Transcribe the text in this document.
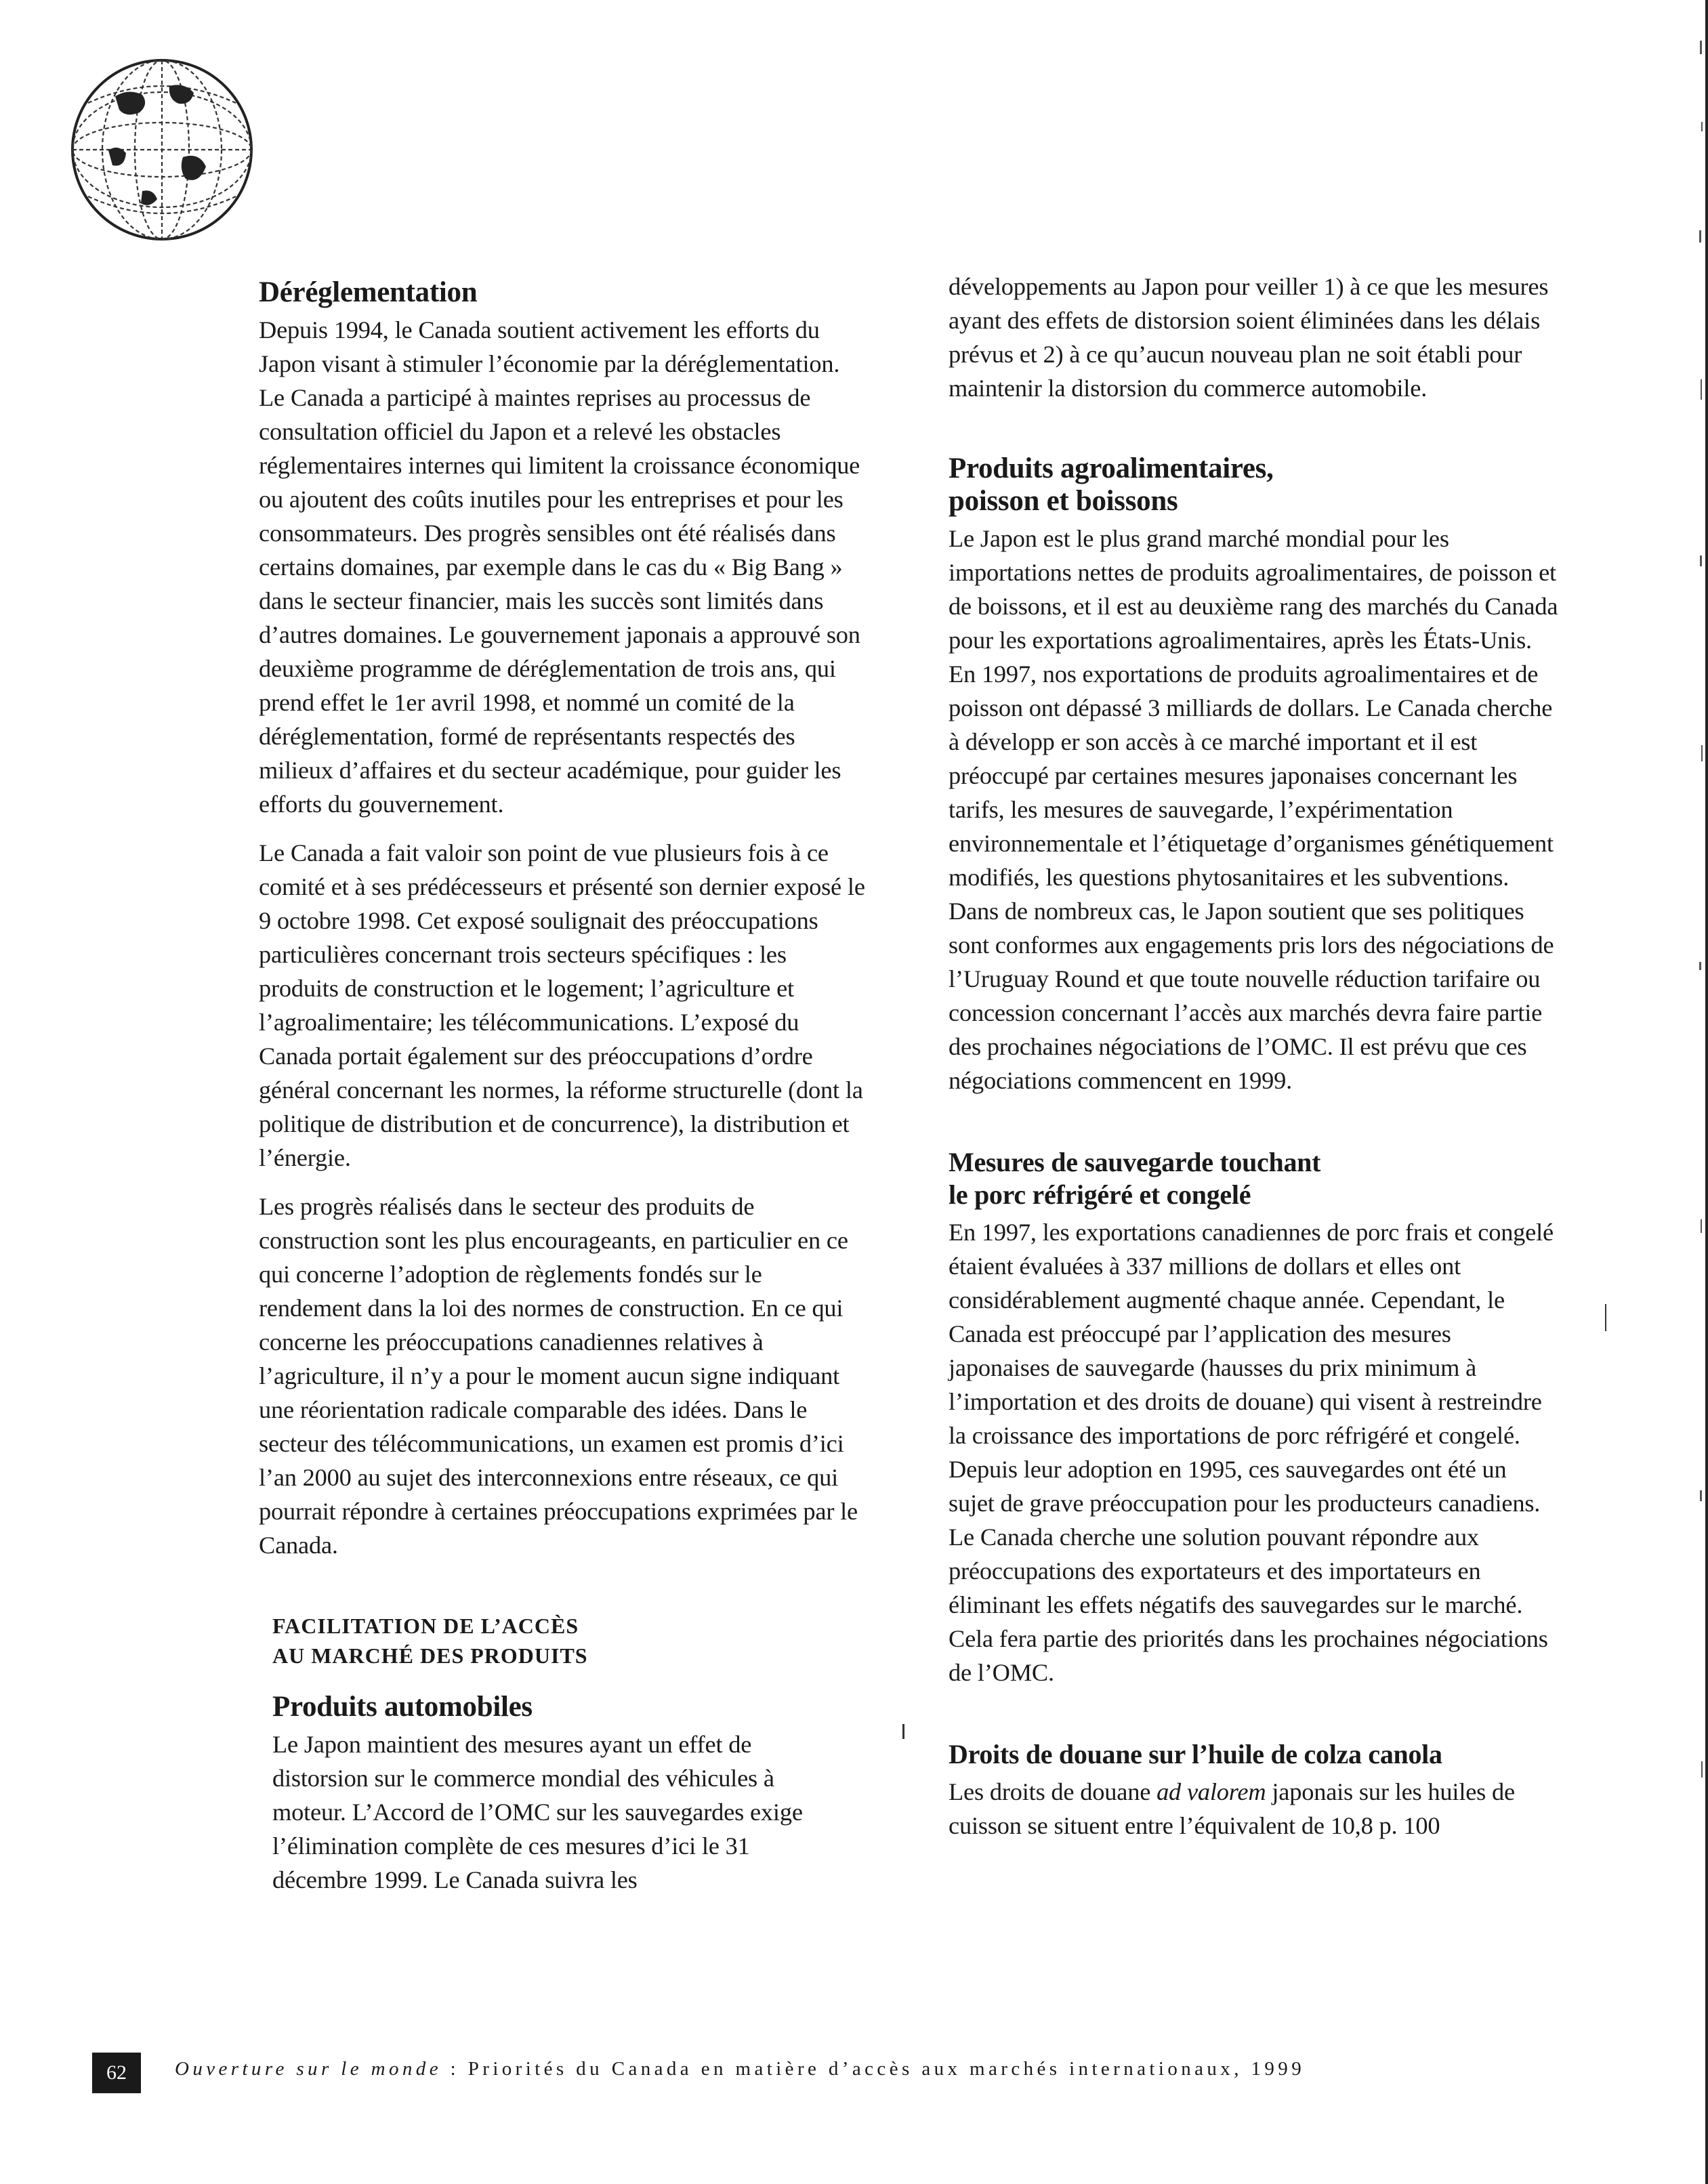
Déréglementation

Depuis 1994, le Canada soutient activement les efforts du Japon visant à stimuler l’économie par la déréglementation. Le Canada a participé à maintes reprises au processus de consultation officiel du Japon et a relevé les obstacles réglementaires internes qui limitent la croissance économique ou ajoutent des coûts inutiles pour les entreprises et pour les consommateurs. Des progrès sensibles ont été réalisés dans certains domaines, par exemple dans le cas du « Big Bang » dans le secteur financier, mais les succès sont limités dans d’autres domaines. Le gouvernement japonais a approuvé son deuxième programme de déréglementation de trois ans, qui prend effet le 1er avril 1998, et nommé un comité de la déréglementation, formé de représentants respectés des milieux d’affaires et du secteur académique, pour guider les efforts du gouvernement.

Le Canada a fait valoir son point de vue plusieurs fois à ce comité et à ses prédécesseurs et présenté son dernier exposé le 9 octobre 1998. Cet exposé soulignait des préoccupations particulières concernant trois secteurs spécifiques : les produits de construction et le logement; l’agriculture et l’agroalimentaire; les télécommunications. L’exposé du Canada portait également sur des préoccupations d’ordre général concernant les normes, la réforme structurelle (dont la politique de distribution et de concurrence), la distribution et l’énergie.

Les progrès réalisés dans le secteur des produits de construction sont les plus encourageants, en particulier en ce qui concerne l’adoption de règlements fondés sur le rendement dans la loi des normes de construction. En ce qui concerne les préoccupations canadiennes relatives à l’agriculture, il n’y a pour le moment aucun signe indiquant une réorientation radicale comparable des idées. Dans le secteur des télécommunications, un examen est promis d’ici l’an 2000 au sujet des interconnexions entre réseaux, ce qui pourrait répondre à certaines préoccupations exprimées par le Canada.

FACILITATION DE L’ACCÈS
AU MARCHÉ DES PRODUITS
Produits automobiles

Le Japon maintient des mesures ayant un effet de distorsion sur le commerce mondial des véhicules à moteur. L’Accord de l’OMC sur les sauvegardes exige l’élimination complète de ces mesures d’ici le 31 décembre 1999. Le Canada suivra les

développements au Japon pour veiller 1) à ce que les mesures ayant des effets de distorsion soient éliminées dans les délais prévus et 2) à ce qu’aucun nouveau plan ne soit établi pour maintenir la distorsion du commerce automobile.

Produits agroalimentaires,
poisson et boissons

Le Japon est le plus grand marché mondial pour les importations nettes de produits agroalimentaires, de poisson et de boissons, et il est au deuxième rang des marchés du Canada pour les exportations agroalimentaires, après les États-Unis. En 1997, nos exportations de produits agroalimentaires et de poisson ont dépassé 3 milliards de dollars. Le Canada cherche à développ er son accès à ce marché important et il est préoccupé par certaines mesures japonaises concernant les tarifs, les mesures de sauvegarde, l’expérimentation environnementale et l’étiquetage d’organismes génétiquement modifiés, les questions phytosanitaires et les subventions. Dans de nombreux cas, le Japon soutient que ses politiques sont conformes aux engagements pris lors des négociations de l’Uruguay Round et que toute nouvelle réduction tarifaire ou concession concernant l’accès aux marchés devra faire partie des prochaines négociations de l’OMC. Il est prévu que ces négociations commencent en 1999.

Mesures de sauvegarde touchant
le porc réfrigéré et congelé

En 1997, les exportations canadiennes de porc frais et congelé étaient évaluées à 337 millions de dollars et elles ont considérablement augmenté chaque année. Cependant, le Canada est préoccupé par l’application des mesures japonaises de sauvegarde (hausses du prix minimum à l’importation et des droits de douane) qui visent à restreindre la croissance des importations de porc réfrigéré et congelé. Depuis leur adoption en 1995, ces sauvegardes ont été un sujet de grave préoccupation pour les producteurs canadiens. Le Canada cherche une solution pouvant répondre aux préoccupations des exportateurs et des importateurs en éliminant les effets négatifs des sauvegardes sur le marché. Cela fera partie des priorités dans les prochaines négociations de l’OMC.

Droits de douane sur l’huile de colza canola

Les droits de douane ad valorem japonais sur les huiles de cuisson se situent entre l’équivalent de 10,8 p. 100

62	Ouverture sur le monde : Priorités du Canada en matière d’accès aux marchés internationaux, 1999
